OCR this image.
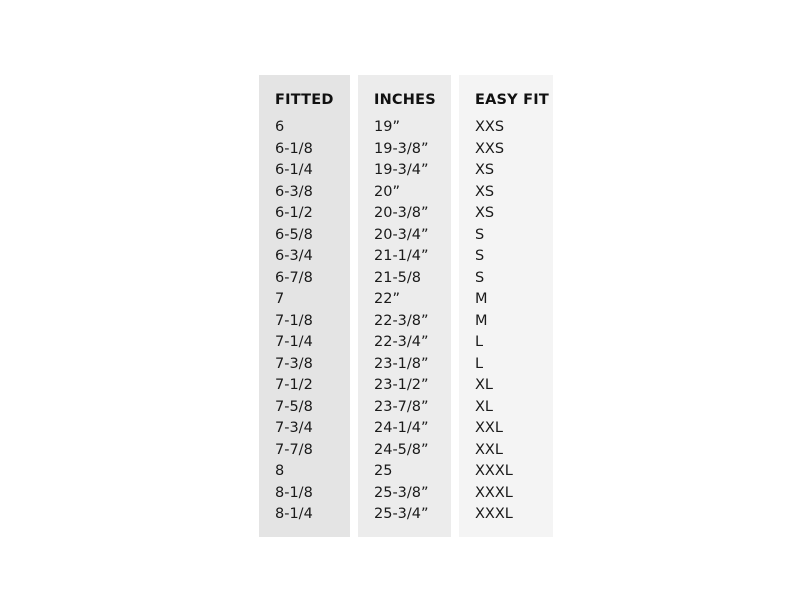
FITTED
6
6-1/8
6-1/4
6-3/8
6-1/2
6-5/8
6-3/4
6-7/8
7
7-1/8
7-1/4
7-3/8
7-1/2
7-5/8
7-3/4
7-7/8
8
8-1/8
8-1/4
INCHES
19”
19-3/8”
19-3/4”
20”
20-3/8”
20-3/4”
21-1/4”
21-5/8
22”
22-3/8”
22-3/4”
23-1/8”
23-1/2”
23-7/8”
24-1/4”
24-5/8”
25
25-3/8”
25-3/4”
EASY FIT
XXS
XXS
XS
XS
XS
S
S
S
M
M
L
L
XL
XL
XXL
XXL
XXXL
XXXL
XXXL
